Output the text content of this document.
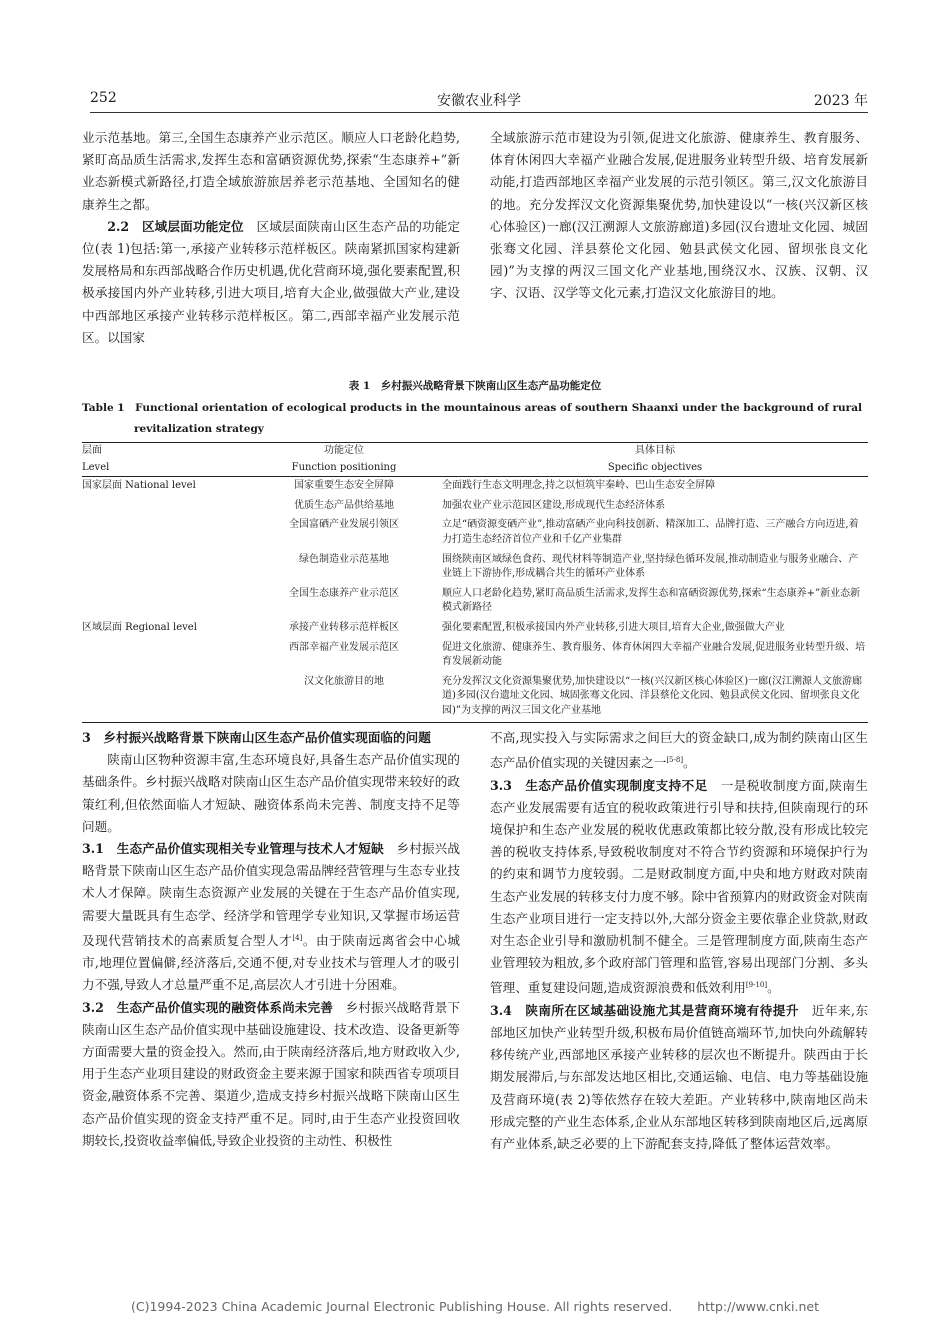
252	安徽农业科学	2023 年

业示范基地。第三,全国生态康养产业示范区。顺应人口老龄化趋势,紧盯高品质生活需求,发挥生态和富硒资源优势,探索“生态康养+”新业态新模式新路径,打造全域旅游旅居养老示范基地、全国知名的健康养生之都。

2.2　区域层面功能定位　 区域层面陕南山区生态产品的功能定位(表 1)包括:第一,承接产业转移示范样板区。陕南紧抓国家构建新发展格局和东西部战略合作历史机遇,优化营商环境,强化要素配置,积极承接国内外产业转移,引进大项目,培育大企业,做强做大产业,建设中西部地区承接产业转移示范样板区。第二,西部幸福产业发展示范区。以国家

全域旅游示范市建设为引领,促进文化旅游、健康养生、教育服务、体育休闲四大幸福产业融合发展,促进服务业转型升级、培育发展新动能,打造西部地区幸福产业发展的示范引领区。第三,汉文化旅游目的地。充分发挥汉文化资源集聚优势,加快建设以“一核(兴汉新区核心体验区)一廊(汉江溯源人文旅游廊道)多园(汉台遗址文化园、城固张骞文化园、洋县蔡伦文化园、勉县武侯文化园、留坝张良文化园)”为支撑的两汉三国文化产业基地,围绕汉水、汉族、汉朝、汉字、汉语、汉学等文化元素,打造汉文化旅游目的地。

表 1　乡村振兴战略背景下陕南山区生态产品功能定位
Table 1　Functional orientation of ecological products in the mountainous areas of southern Shaanxi under the background of rural revitalization strategy
层面	功能定位	具体目标
Level	Function positioning	Specific objectives
国家层面 National level	国家重要生态安全屏障	全面践行生态文明理念,持之以恒筑牢秦岭、巴山生态安全屏障
	优质生态产品供给基地	加强农业产业示范园区建设,形成现代生态经济体系
	全国富硒产业发展引领区	立足“硒资源变硒产业”,推动富硒产业向科技创新、精深加工、品牌打造、三产融合方向迈进,着力打造生态经济首位产业和千亿产业集群
	绿色制造业示范基地	围绕陕南区域绿色食药、现代材料等制造产业,坚持绿色循环发展,推动制造业与服务业融合、产业链上下游协作,形成耦合共生的循环产业体系
	全国生态康养产业示范区	顺应人口老龄化趋势,紧盯高品质生活需求,发挥生态和富硒资源优势,探索“生态康养+”新业态新模式新路径
区域层面 Regional level	承接产业转移示范样板区	强化要素配置,积极承接国内外产业转移,引进大项目,培育大企业,做强做大产业
	西部幸福产业发展示范区	促进文化旅游、健康养生、教育服务、体育休闲四大幸福产业融合发展,促进服务业转型升级、培育发展新动能
	汉文化旅游目的地	充分发挥汉文化资源集聚优势,加快建设以“一核(兴汉新区核心体验区)一廊(汉江溯源人文旅游廊道)多园(汉台遗址文化园、城固张骞文化园、洋县蔡伦文化园、勉县武侯文化园、留坝张良文化园)”为支撑的两汉三国文化产业基地

3　乡村振兴战略背景下陕南山区生态产品价值实现面临的问题

陕南山区物种资源丰富,生态环境良好,具备生态产品价值实现的基础条件。乡村振兴战略对陕南山区生态产品价值实现带来较好的政策红利,但依然面临人才短缺、融资体系尚未完善、制度支持不足等问题。

3.1　生态产品价值实现相关专业管理与技术人才短缺　 乡村振兴战略背景下陕南山区生态产品价值实现急需品牌经营管理与生态专业技术人才保障。陕南生态资源产业发展的关键在于生态产品价值实现,需要大量既具有生态学、经济学和管理学专业知识,又掌握市场运营及现代营销技术的高素质复合型人才[4]。由于陕南远离省会中心城市,地理位置偏僻,经济落后,交通不便,对专业技术与管理人才的吸引力不强,导致人才总量严重不足,高层次人才引进十分困难。

3.2　生态产品价值实现的融资体系尚未完善　 乡村振兴战略背景下陕南山区生态产品价值实现中基础设施建设、技术改造、设备更新等方面需要大量的资金投入。然而,由于陕南经济落后,地方财政收入少,用于生态产业项目建设的财政资金主要来源于国家和陕西省专项项目资金,融资体系不完善、渠道少,造成支持乡村振兴战略下陕南山区生态产品价值实现的资金支持严重不足。同时,由于生态产业投资回收期较长,投资收益率偏低,导致企业投资的主动性、积极性

不高,现实投入与实际需求之间巨大的资金缺口,成为制约陕南山区生态产品价值实现的关键因素之一[5-8]。

3.3　生态产品价值实现制度支持不足　 一是税收制度方面,陕南生态产业发展需要有适宜的税收政策进行引导和扶持,但陕南现行的环境保护和生态产业发展的税收优惠政策都比较分散,没有形成比较完善的税收支持体系,导致税收制度对不符合节约资源和环境保护行为的约束和调节力度较弱。二是财政制度方面,中央和地方财政对陕南生态产业发展的转移支付力度不够。除中省预算内的财政资金对陕南生态产业项目进行一定支持以外,大部分资金主要依靠企业贷款,财政对生态企业引导和激励机制不健全。三是管理制度方面,陕南生态产业管理较为粗放,多个政府部门管理和监管,容易出现部门分割、多头管理、重复建设问题,造成资源浪费和低效利用[9-10]。

3.4　陕南所在区域基础设施尤其是营商环境有待提升　 近年来,东部地区加快产业转型升级,积极布局价值链高端环节,加快向外疏解转移传统产业,西部地区承接产业转移的层次也不断提升。陕西由于长期发展滞后,与东部发达地区相比,交通运输、电信、电力等基础设施及营商环境(表 2)等依然存在较大差距。产业转移中,陕南地区尚未形成完整的产业生态体系,企业从东部地区转移到陕南地区后,远离原有产业体系,缺乏必要的上下游配套支持,降低了整体运营效率。

(C)1994-2023 China Academic Journal Electronic Publishing House. All rights reserved.　　http://www.cnki.net
